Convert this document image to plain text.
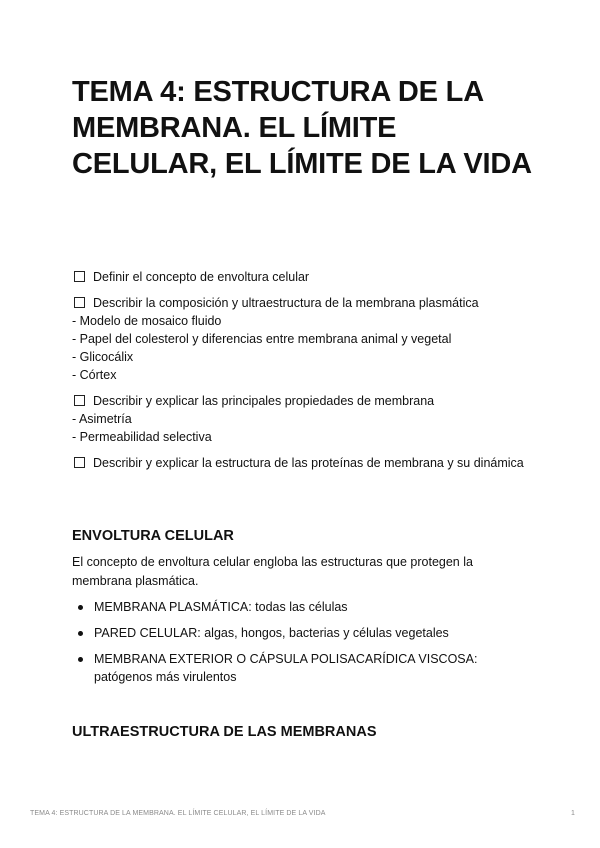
TEMA 4: ESTRUCTURA DE LA MEMBRANA. EL LÍMITE CELULAR, EL LÍMITE DE LA VIDA
Definir el concepto de envoltura celular
Describir la composición y ultraestructura de la membrana plasmática
- Modelo de mosaico fluido
- Papel del colesterol y diferencias entre membrana animal y vegetal
- Glicocálix
- Córtex
Describir y explicar las principales propiedades de membrana
- Asimetría
- Permeabilidad selectiva
Describir y explicar la estructura de las proteínas de membrana y su dinámica
ENVOLTURA CELULAR

El concepto de envoltura celular engloba las estructuras que protegen la membrana plasmática.

MEMBRANA PLASMÁTICA: todas las células
PARED CELULAR: algas, hongos, bacterias y células vegetales
MEMBRANA EXTERIOR O CÁPSULA POLISACARÍDICA VISCOSA: patógenos más virulentos
ULTRAESTRUCTURA DE LAS MEMBRANAS
TEMA 4: ESTRUCTURA DE LA MEMBRANA. EL LÍMITE CELULAR, EL LÍMITE DE LA VIDA	1
